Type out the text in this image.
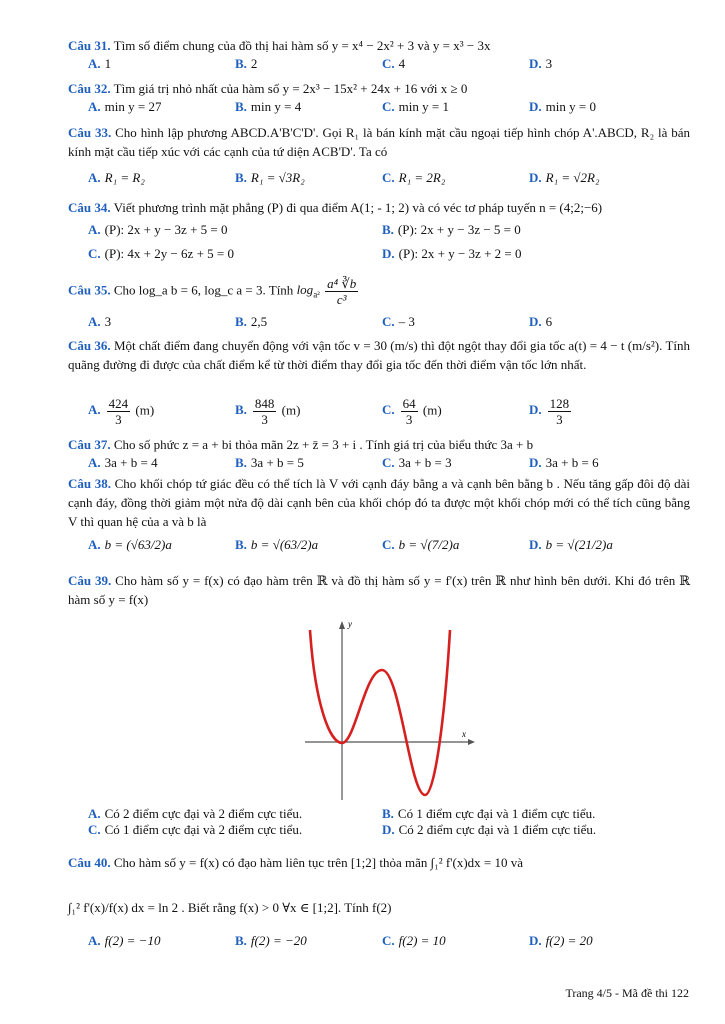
Câu 31. Tìm số điểm chung của đồ thị hai hàm số y = x⁴ − 2x² + 3 và y = x³ − 3x
A. 1	B. 2	C. 4	D. 3
Câu 32. Tìm giá trị nhỏ nhất của hàm số y = 2x³ − 15x² + 24x + 16 với x ≥ 0
A. min y = 27	B. min y = 4	C. min y = 1	D. min y = 0
Câu 33. Cho hình lập phương ABCD.A'B'C'D'. Gọi R₁ là bán kính mặt cầu ngoại tiếp hình chóp A'.ABCD, R₂ là bán kính mặt cầu tiếp xúc với các cạnh của tứ diện ACB'D'. Ta có
A. R₁ = R₂	B. R₁ = √3R₂	C. R₁ = 2R₂	D. R₁ = √2R₂
Câu 34. Viết phương trình mặt phẳng (P) đi qua điểm A(1; - 1; 2) và có véc tơ pháp tuyến n = (4;2;−6)
A. (P): 2x + y − 3z + 5 = 0	B. (P): 2x + y − 3z − 5 = 0
C. (P): 4x + 2y − 6z + 5 = 0	D. (P): 2x + y − 3z + 2 = 0
Câu 35. Cho log_a b = 6, log_c a = 3. Tính $\log_{a^2} \frac{\text{a⁴ ∛b}}{\text{c³}}$
A. 3	B. 2,5	C. – 3	D. 6
Câu 36. Một chất điểm đang chuyển động với vận tốc v = 30 (m/s) thì đột ngột thay đổi gia tốc a(t) = 4 − t (m/s²). Tính quãng đường đi được của chất điểm kể từ thời điểm thay đổi gia tốc đến thời điểm vận tốc lớn nhất.
A. $\frac{424}{3} (m)$	B. $\frac{848}{3} (m)$	C. $\frac{64}{3} (m)$	D. $\frac{128}{3}$
Câu 37. Cho số phức z = a + bi thỏa mãn 2z + z̄ = 3 + i . Tính giá trị của biểu thức 3a + b
A. 3a + b = 4	B. 3a + b = 5	C. 3a + b = 3	D. 3a + b = 6
Câu 38. Cho khối chóp tứ giác đều có thể tích là V với cạnh đáy bằng a và cạnh bên bằng b . Nếu tăng gấp đôi độ dài cạnh đáy, đồng thời giảm một nửa độ dài cạnh bên của khối chóp đó ta được một khối chóp mới có thể tích cũng bằng V thì quan hệ của a và b là
A. b = (√63/2)a	B. b = √(63/2)a	C. b = √(7/2)a	D. b = √(21/2)a
Câu 39. Cho hàm số y = f(x) có đạo hàm trên ℝ và đồ thị hàm số y = f'(x) trên ℝ như hình bên dưới. Khi đó trên ℝ hàm số y = f(x)
y
x
A. Có 2 điểm cực đại và 2 điểm cực tiểu.	B. Có 1 điểm cực đại và 1 điểm cực tiểu.
C. Có 1 điểm cực đại và 2 điểm cực tiểu.	D. Có 2 điểm cực đại và 1 điểm cực tiểu.
Câu 40. Cho hàm số y = f(x) có đạo hàm liên tục trên [1;2] thỏa mãn ∫₁² f'(x)dx = 10 và
∫₁² f'(x)/f(x) dx = ln 2 . Biết rằng f(x) > 0 ∀x ∈ [1;2]. Tính f(2)
A. f(2) = −10	B. f(2) = −20	C. f(2) = 10	D. f(2) = 20
Trang 4/5 - Mã đề thi 122
